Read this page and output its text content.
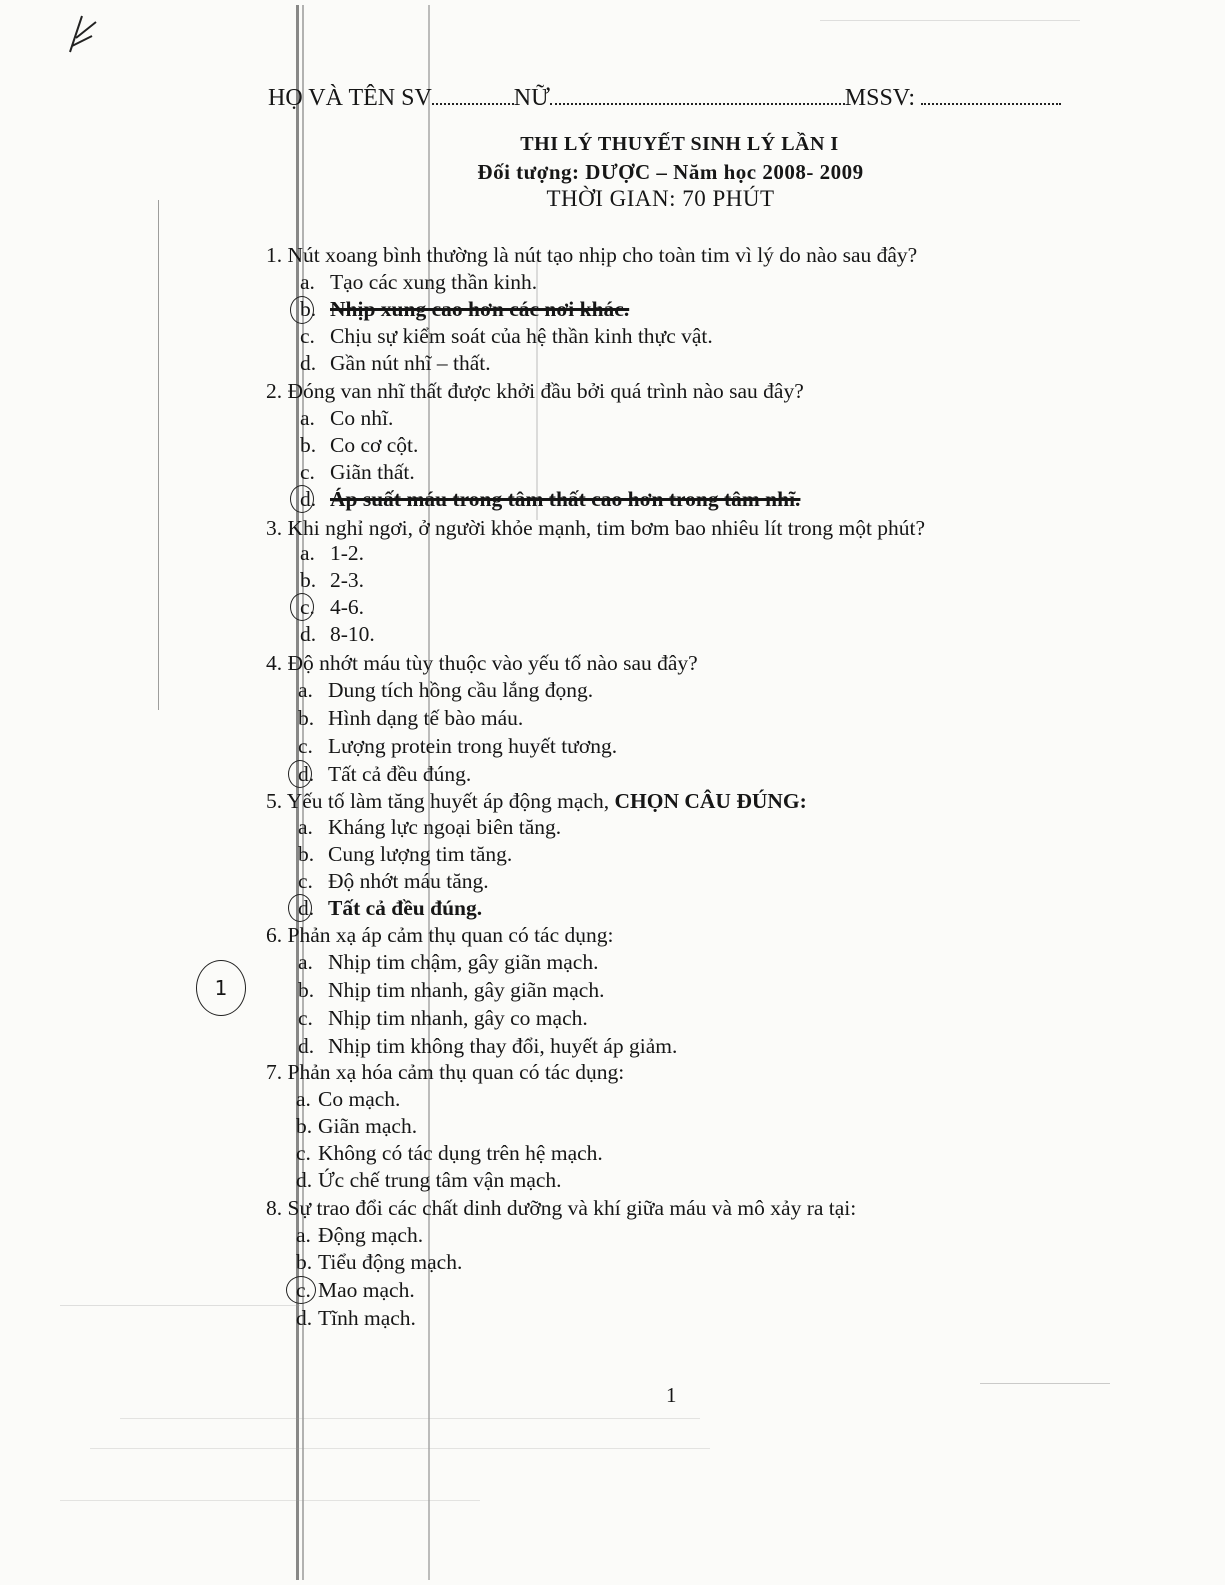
HỌ VÀ TÊN SV	NỮ	MSSV:
THI LÝ THUYẾT SINH LÝ LẦN I
Đối tượng: DƯỢC – Năm học 2008- 2009
THỜI GIAN: 70 PHÚT
1. Nút xoang bình thường là nút tạo nhịp cho toàn tim vì lý do nào sau đây?
a. Tạo các xung thần kinh.
b. Nhịp xung cao hơn các nơi khác.
c. Chịu sự kiểm soát của hệ thần kinh thực vật.
d. Gần nút nhĩ – thất.
2. Đóng van nhĩ thất được khởi đầu bởi quá trình nào sau đây?
a. Co nhĩ.
b. Co cơ cột.
c. Giãn thất.
d. Áp suất máu trong tâm thất cao hơn trong tâm nhĩ.
3. Khi nghỉ ngơi, ở người khỏe mạnh, tim bơm bao nhiêu lít trong một phút?
a. 1-2.
b. 2-3.
c. 4-6.
d. 8-10.
4. Độ nhớt máu tùy thuộc vào yếu tố nào sau đây?
a. Dung tích hồng cầu lắng đọng.
b. Hình dạng tế bào máu.
c. Lượng protein trong huyết tương.
d. Tất cả đều đúng.
5. Yếu tố làm tăng huyết áp động mạch, CHỌN CÂU ĐÚNG:
a. Kháng lực ngoại biên tăng.
b. Cung lượng tim tăng.
c. Độ nhớt máu tăng.
d. Tất cả đều đúng.
6. Phản xạ áp cảm thụ quan có tác dụng:
a. Nhịp tim chậm, gây giãn mạch.
b. Nhịp tim nhanh, gây giãn mạch.
c. Nhịp tim nhanh, gây co mạch.
d. Nhịp tim không thay đổi, huyết áp giảm.
1
7. Phản xạ hóa cảm thụ quan có tác dụng:
a. Co mạch.
b. Giãn mạch.
c. Không có tác dụng trên hệ mạch.
d. Ức chế trung tâm vận mạch.
8. Sự trao đổi các chất dinh dưỡng và khí giữa máu và mô xảy ra tại:
a. Động mạch.
b. Tiểu động mạch.
c. Mao mạch.
d. Tĩnh mạch.
1
